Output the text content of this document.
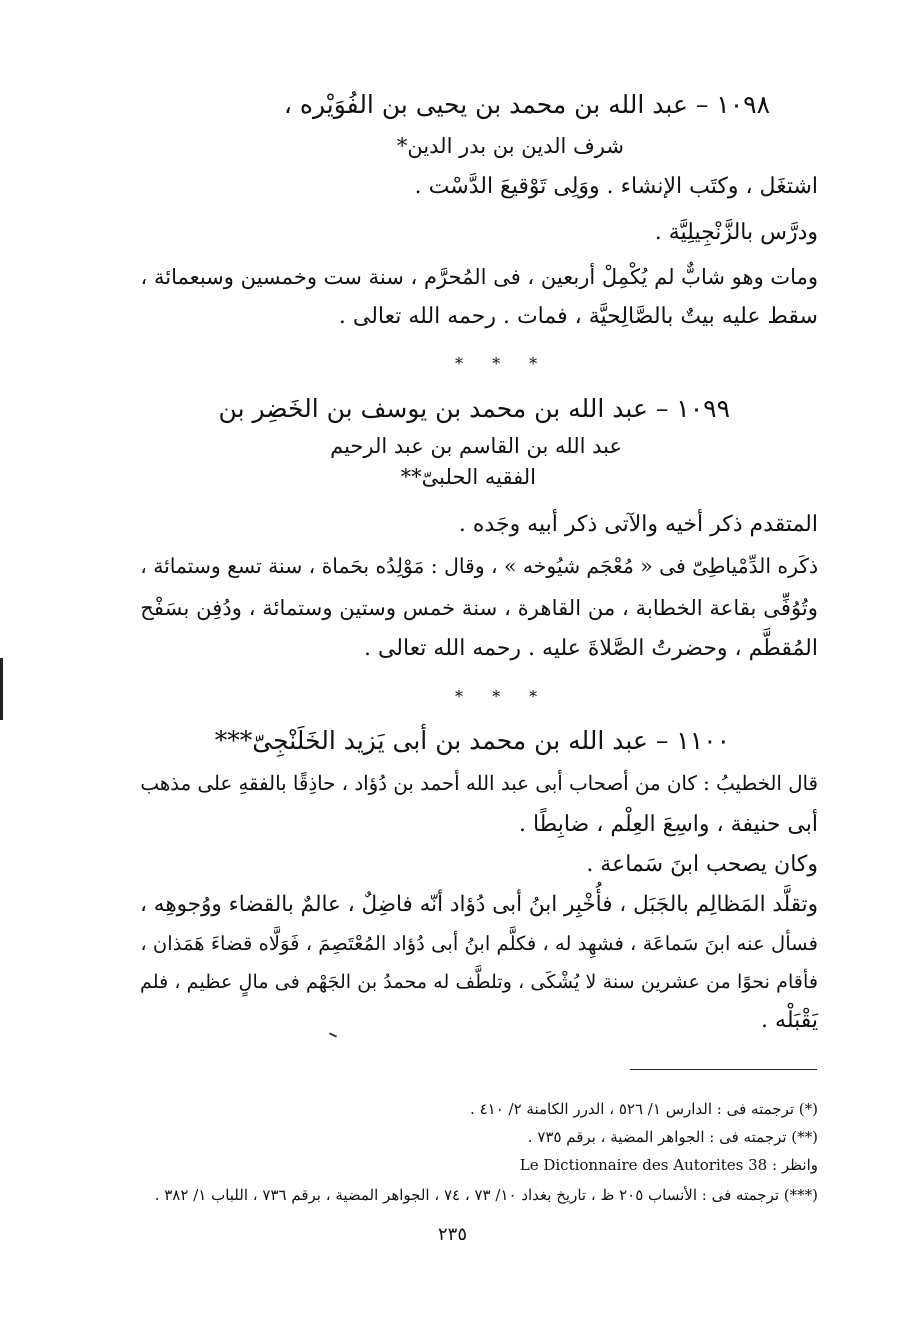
١٠٩٨ – عبد الله بن محمد بن يحيى بن الفُوَيْره ،
شرف الدين بن بدر الدين*
اشتغَل ، وكتَب الإنشاء . ووَلِى تَوْقيعَ الدَّسْت .
ودرَّس بالزَّنْجِيلِيَّة .
ومات وهو شابٌّ لم يُكْمِلْ أربعين ، فى المُحرَّم ، سنة ست وخمسين وسبعمائة ،
سقط عليه بيتٌ بالصَّالِحيَّة ، فمات . رحمه الله تعالى .
* * *
١٠٩٩ – عبد الله بن محمد بن يوسف بن الخَضِر بن
عبد الله بن القاسم بن عبد الرحيم
الفقيه الحلبىّ**
المتقدم ذكر أخيه والآتى ذكر أبيه وجَده .
ذكَره الدِّمْياطِىّ فى « مُعْجَم شيُوخه » ، وقال : مَوْلِدُه بحَماة ، سنة تسع وستمائة ،
وتُوُفِّى بقاعة الخطابة ، من القاهرة ، سنة خمس وستين وستمائة ، ودُفِن بسَفْح
المُقطَّم ، وحضرتُ الصَّلاةَ عليه . رحمه الله تعالى .
* * *
١١٠٠ – عبد الله بن محمد بن أبى يَزيد الخَلَنْجِىّ***
قال الخطيبُ : كان من أصحاب أبى عبد الله أحمد بن دُؤاد ، حاذِقًا بالفقهِ على مذهب
أبى حنيفة ، واسِعَ العِلْم ، ضابِطًا .
وكان يصحب ابنَ سَماعة .
وتقلَّد المَظالِم بالجَبَل ، فأُخْبِر ابنُ أبى دُؤاد أنّه فاضِلٌ ، عالمٌ بالقضاء ووُجوهِه ،
فسأل عنه ابنَ سَماعَة ، فشهِد له ، فكلَّم ابنُ أبى دُؤاد المُعْتَصِمَ ، فَوَلَّاه قضاءَ هَمَذان ،
فأقام نحوًا من عشرين سنة لا يُشْكَى ، وتلطَّف له محمدُ بن الجَهْم فى مالٍ عظيم ، فلم
يَقْبَلْه .
(*) ترجمته فى : الدارس ١/ ٥٢٦ ، الدرر الكامنة ٢/ ٤١٠ .
(**) ترجمته فى : الجواهر المضية ، برقم ٧٣٥ .
وانظر : Le Dictionnaire des Autorites 38
(***) ترجمته فى : الأنساب ٢٠٥ ظ ، تاريخ بغداد ١٠/ ٧٣ ، ٧٤ ، الجواهر المضية ، برقم ٧٣٦ ، اللباب ١/ ٣٨٢ .
٢٣٥
